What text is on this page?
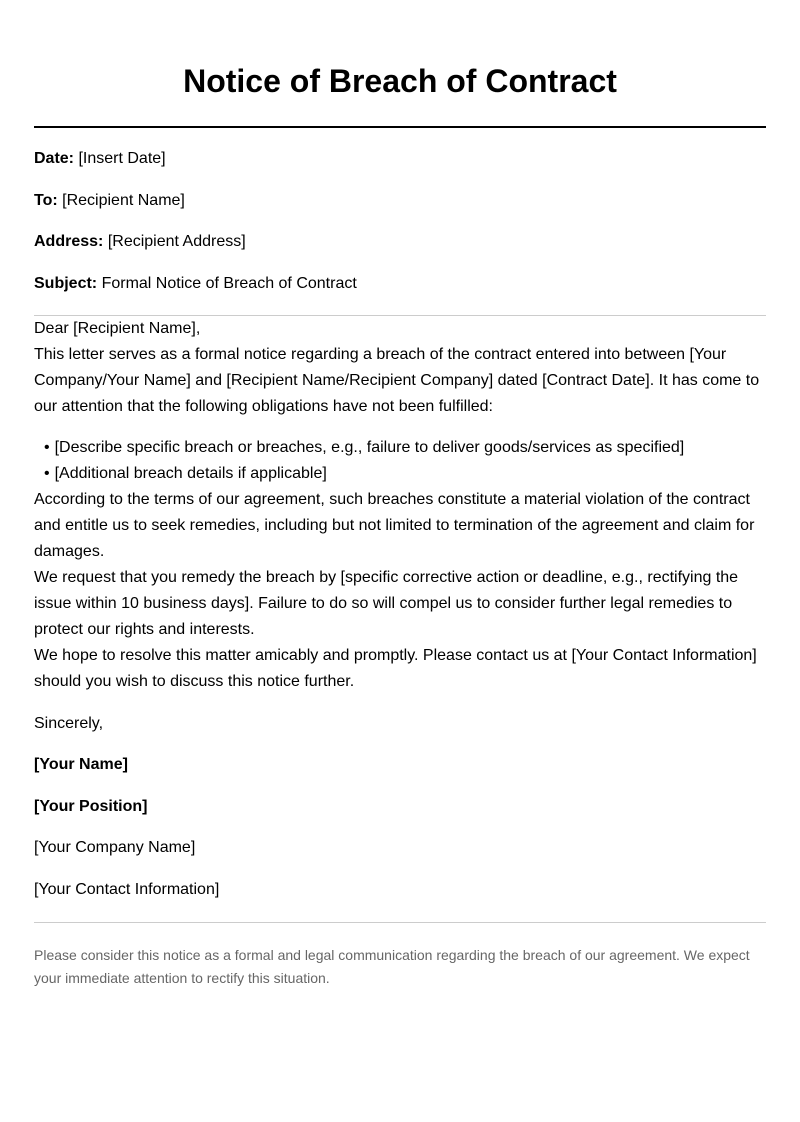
Notice of Breach of Contract
Date: [Insert Date]
To: [Recipient Name]
Address: [Recipient Address]
Subject: Formal Notice of Breach of Contract

Dear [Recipient Name],

This letter serves as a formal notice regarding a breach of the contract entered into between [Your Company/Your Name] and [Recipient Name/Recipient Company] dated [Contract Date]. It has come to our attention that the following obligations have not been fulfilled:

• [Describe specific breach or breaches, e.g., failure to deliver goods/services as specified]
• [Additional breach details if applicable]

According to the terms of our agreement, such breaches constitute a material violation of the contract and entitle us to seek remedies, including but not limited to termination of the agreement and claim for damages.

We request that you remedy the breach by [specific corrective action or deadline, e.g., rectifying the issue within 10 business days]. Failure to do so will compel us to consider further legal remedies to protect our rights and interests.

We hope to resolve this matter amicably and promptly. Please contact us at [Your Contact Information] should you wish to discuss this notice further.

Sincerely,
[Your Name]
[Your Position]
[Your Company Name]
[Your Contact Information]

Please consider this notice as a formal and legal communication regarding the breach of our agreement. We expect your immediate attention to rectify this situation.
